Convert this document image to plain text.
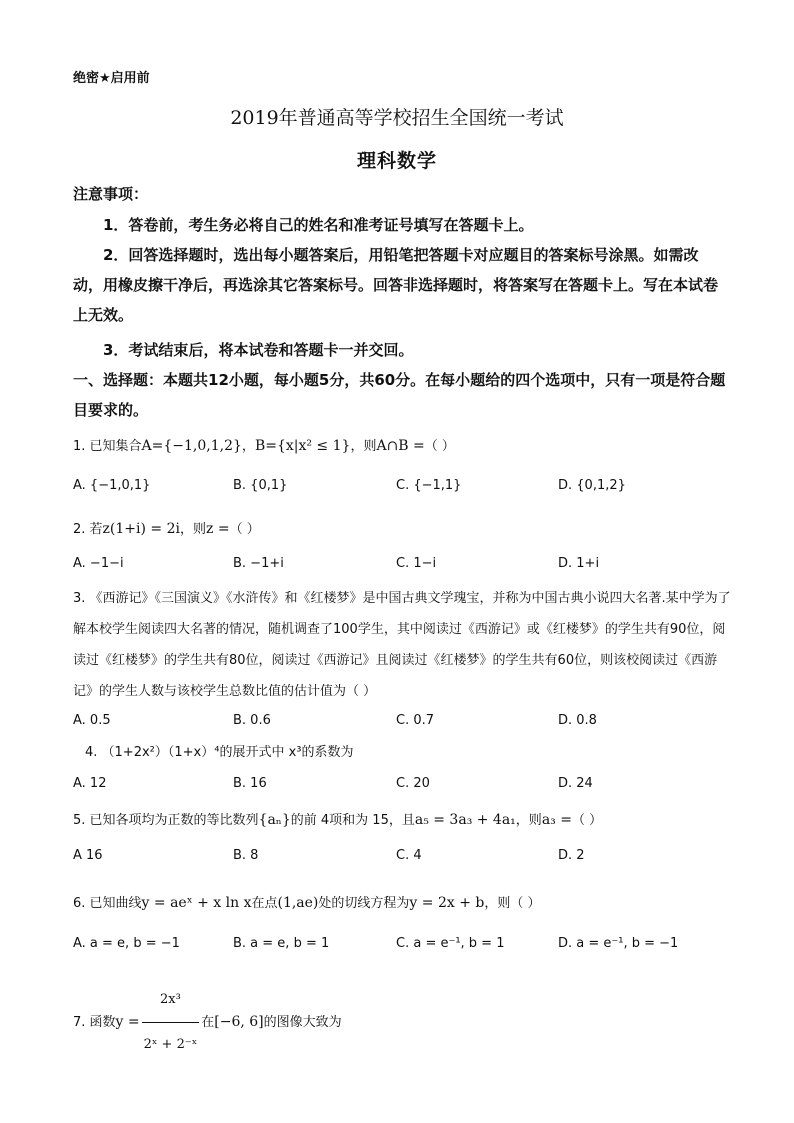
绝密★启用前
2019年普通高等学校招生全国统一考试
理科数学
注意事项：
1．答卷前，考生务必将自己的姓名和准考证号填写在答题卡上。
2．回答选择题时，选出每小题答案后，用铅笔把答题卡对应题目的答案标号涂黑。如需改动，用橡皮擦干净后，再选涂其它答案标号。回答非选择题时，将答案写在答题卡上。写在本试卷上无效。
3．考试结束后，将本试卷和答题卡一并交回。
一、选择题：本题共12小题，每小题5分，共60分。在每小题给的四个选项中，只有一项是符合题目要求的。
1. 已知集合A={−1,0,1,2}，B={x|x² ≤ 1}，则A∩B =（ ）
A. {−1,0,1}	B. {0,1}	C. {−1,1}	D. {0,1,2}
2. 若z(1+i) = 2i，则z =（ ）
A. −1−i	B. −1+i	C. 1−i	D. 1+i
3. 《西游记》《三国演义》《水浒传》和《红楼梦》是中国古典文学瑰宝，并称为中国古典小说四大名著.某中学为了解本校学生阅读四大名著的情况，随机调查了100学生，其中阅读过《西游记》或《红楼梦》的学生共有90位，阅读过《红楼梦》的学生共有80位，阅读过《西游记》且阅读过《红楼梦》的学生共有60位，则该校阅读过《西游记》的学生人数与该校学生总数比值的估计值为（ ）
A. 0.5	B. 0.6	C. 0.7	D. 0.8
4. （1+2x²）（1+x）⁴的展开式中 x³的系数为
A. 12	B. 16	C. 20	D. 24
5. 已知各项均为正数的等比数列{aₙ}的前 4项和为 15，且a₅ = 3a₃ + 4a₁，则a₃ =（ ）
A 16	B. 8	C. 4	D. 2
6. 已知曲线y = aeˣ + x ln x在点(1,ae)处的切线方程为y = 2x + b，则（ ）
A. a = e, b = −1	B. a = e, b = 1	C. a = e⁻¹, b = 1	D. a = e⁻¹, b = −1
7. 函数$y = \frac{\text{2x³}}{\text{2ˣ + 2⁻ˣ}}$ 在[−6, 6]的图像大致为
